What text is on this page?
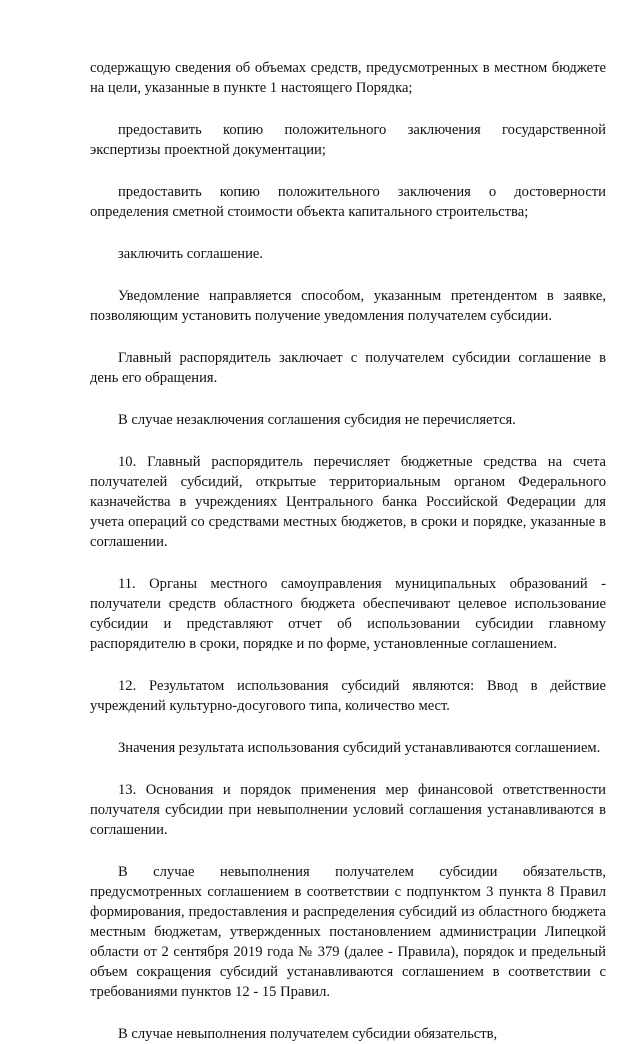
содержащую сведения об объемах средств, предусмотренных в местном бюджете на цели, указанные в пункте 1 настоящего Порядка;

предоставить копию положительного заключения государственной экспертизы проектной документации;

предоставить копию положительного заключения о достоверности определения сметной стоимости объекта капитального строительства;

заключить соглашение.

Уведомление направляется способом, указанным претендентом в заявке, позволяющим установить получение уведомления получателем субсидии.

Главный распорядитель заключает с получателем субсидии соглашение в день его обращения.

В случае незаключения соглашения субсидия не перечисляется.

10. Главный распорядитель перечисляет бюджетные средства на счета получателей субсидий, открытые территориальным органом Федерального казначейства в учреждениях Центрального банка Российской Федерации для учета операций со средствами местных бюджетов, в сроки и порядке, указанные в соглашении.

11. Органы местного самоуправления муниципальных образований - получатели средств областного бюджета обеспечивают целевое использование субсидии и представляют отчет об использовании субсидии главному распорядителю в сроки, порядке и по форме, установленные соглашением.

12. Результатом использования субсидий являются: Ввод в действие учреждений культурно-досугового типа, количество мест.

Значения результата использования субсидий устанавливаются соглашением.

13. Основания и порядок применения мер финансовой ответственности получателя субсидии при невыполнении условий соглашения устанавливаются в соглашении.

В случае невыполнения получателем субсидии обязательств, предусмотренных соглашением в соответствии с подпунктом 3 пункта 8 Правил формирования, предоставления и распределения субсидий из областного бюджета местным бюджетам, утвержденных постановлением администрации Липецкой области от 2 сентября 2019 года № 379 (далее - Правила), порядок и предельный объем сокращения субсидий устанавливаются соглашением в соответствии с требованиями пунктов 12 - 15 Правил.

В случае невыполнения получателем субсидии обязательств,
